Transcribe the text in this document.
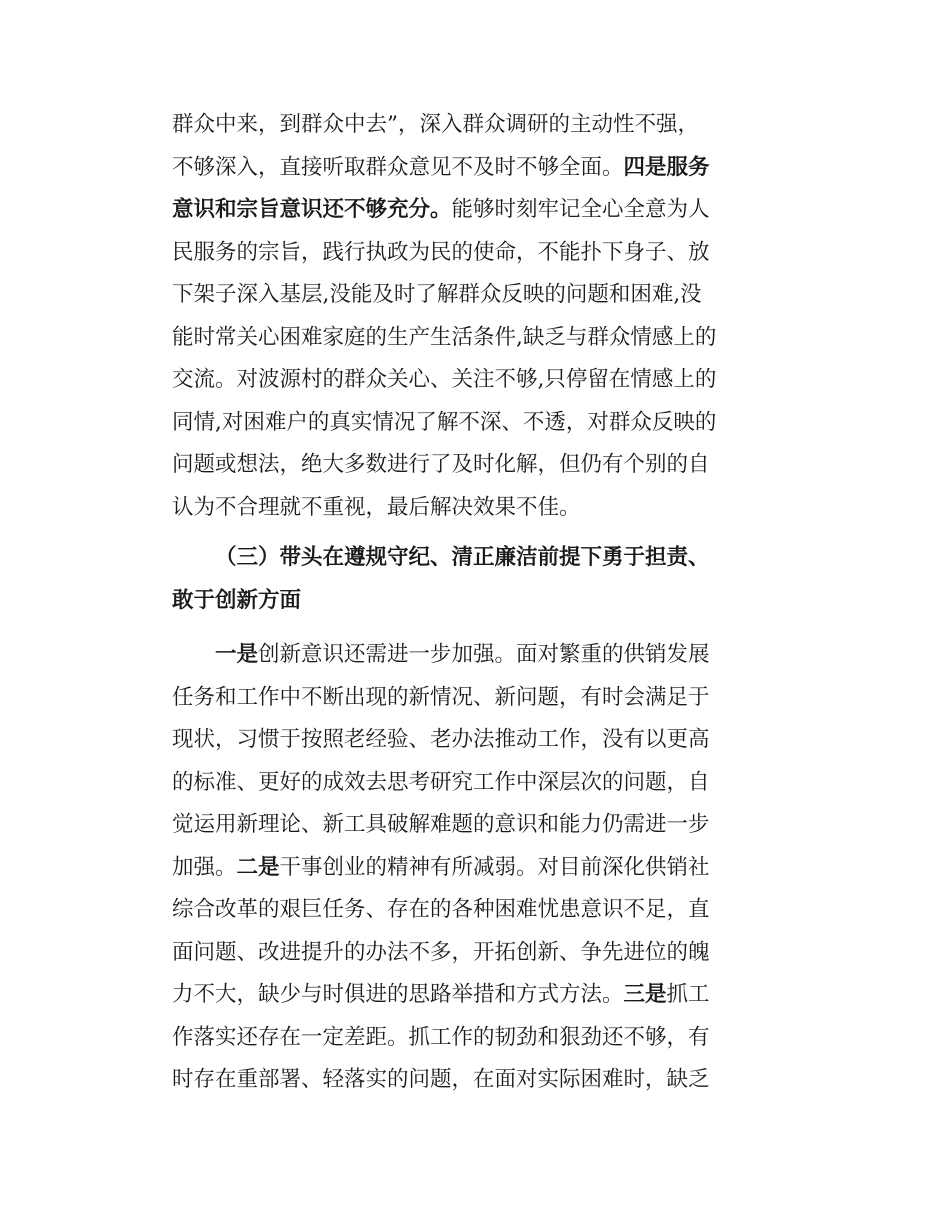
群众中来，到群众中去”，深入群众调研的主动性不强，
不够深入，直接听取群众意见不及时不够全面。四是服务
意识和宗旨意识还不够充分。能够时刻牢记全心全意为人
民服务的宗旨，践行执政为民的使命，不能扑下身子、放
下架子深入基层,没能及时了解群众反映的问题和困难,没
能时常关心困难家庭的生产生活条件,缺乏与群众情感上的
交流。对波源村的群众关心、关注不够,只停留在情感上的
同情,对困难户的真实情况了解不深、不透，对群众反映的
问题或想法，绝大多数进行了及时化解，但仍有个别的自
认为不合理就不重视，最后解决效果不佳。

（三）带头在遵规守纪、清正廉洁前提下勇于担责、
敢于创新方面

一是创新意识还需进一步加强。面对繁重的供销发展
任务和工作中不断出现的新情况、新问题，有时会满足于
现状，习惯于按照老经验、老办法推动工作，没有以更高
的标准、更好的成效去思考研究工作中深层次的问题，自
觉运用新理论、新工具破解难题的意识和能力仍需进一步
加强。二是干事创业的精神有所减弱。对目前深化供销社
综合改革的艰巨任务、存在的各种困难忧患意识不足，直
面问题、改进提升的办法不多，开拓创新、争先进位的魄
力不大，缺少与时俱进的思路举措和方式方法。三是抓工
作落实还存在一定差距。抓工作的韧劲和狠劲还不够，有
时存在重部署、轻落实的问题，在面对实际困难时，缺乏
